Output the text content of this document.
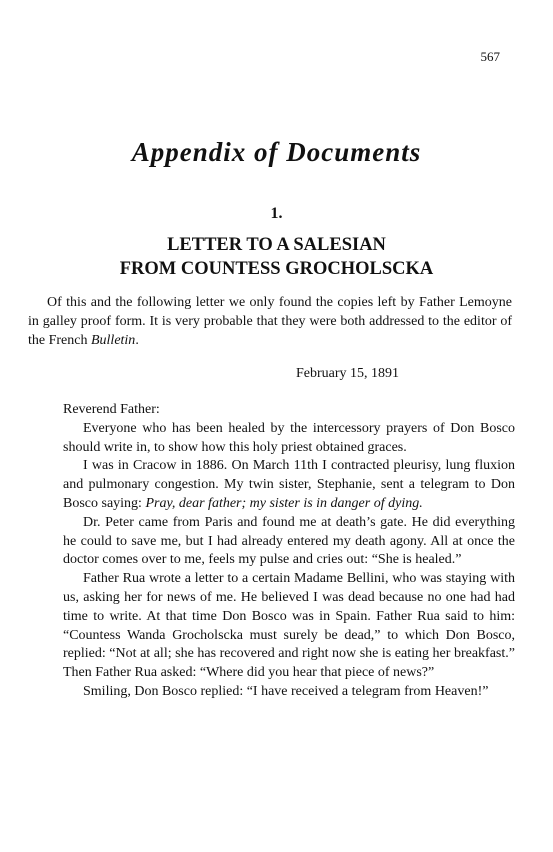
567
Appendix of Documents
1.
LETTER TO A SALESIAN
FROM COUNTESS GROCHOLSCKA

Of this and the following letter we only found the copies left by Father Lemoyne in galley proof form. It is very probable that they were both addressed to the editor of the French Bulletin.

February 15, 1891

Reverend Father:

Everyone who has been healed by the intercessory prayers of Don Bosco should write in, to show how this holy priest obtained graces.

I was in Cracow in 1886. On March 11th I contracted pleurisy, lung fluxion and pulmonary congestion. My twin sister, Stephanie, sent a telegram to Don Bosco saying: Pray, dear father; my sister is in danger of dying.

Dr. Peter came from Paris and found me at death’s gate. He did everything he could to save me, but I had already entered my death agony. All at once the doctor comes over to me, feels my pulse and cries out: “She is healed.”

Father Rua wrote a letter to a certain Madame Bellini, who was staying with us, asking her for news of me. He believed I was dead because no one had had time to write. At that time Don Bosco was in Spain. Father Rua said to him: “Countess Wanda Grocholscka must surely be dead,” to which Don Bosco, replied: “Not at all; she has recovered and right now she is eating her breakfast.” Then Father Rua asked: “Where did you hear that piece of news?”

Smiling, Don Bosco replied: “I have received a telegram from Heaven!”
